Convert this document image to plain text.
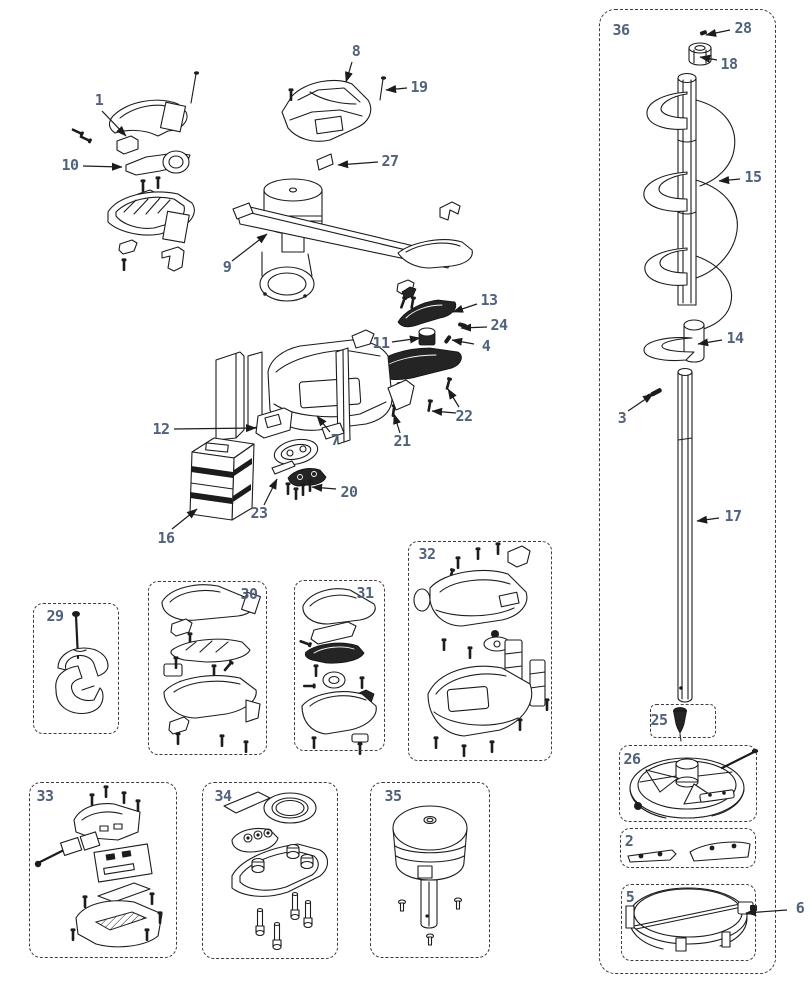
29
30	31
32
33	34	35
36
25
26
2
5
1
10
8
19
27
9
13
24
11	4
22
21
7
12
16
23
20
28
18
15
14
3
17
6
